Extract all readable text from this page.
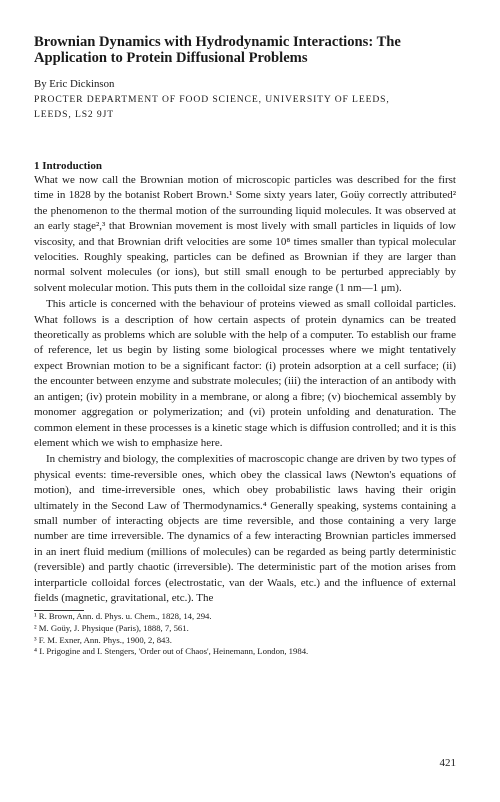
Brownian Dynamics with Hydrodynamic Interactions: The Application to Protein Diffusional Problems
By Eric Dickinson
PROCTER DEPARTMENT OF FOOD SCIENCE, UNIVERSITY OF LEEDS,
LEEDS, LS2 9JT
1 Introduction

What we now call the Brownian motion of microscopic particles was described for the first time in 1828 by the botanist Robert Brown.¹ Some sixty years later, Goüy correctly attributed² the phenomenon to the thermal motion of the surrounding liquid molecules. It was observed at an early stage²,³ that Brownian movement is most lively with small particles in liquids of low viscosity, and that Brownian drift velocities are some 10⁸ times smaller than typical molecular velocities. Roughly speaking, particles can be defined as Brownian if they are larger than normal solvent molecules (or ions), but still small enough to be perturbed appreciably by solvent molecular motion. This puts them in the colloidal size range (1 nm—1 μm).

This article is concerned with the behaviour of proteins viewed as small colloidal particles. What follows is a description of how certain aspects of protein dynamics can be treated theoretically as problems which are soluble with the help of a computer. To establish our frame of reference, let us begin by listing some biological processes where we might tentatively expect Brownian motion to be a significant factor: (i) protein adsorption at a cell surface; (ii) the encounter between enzyme and substrate molecules; (iii) the interaction of an antibody with an antigen; (iv) protein mobility in a membrane, or along a fibre; (v) biochemical assembly by monomer aggregation or polymerization; and (vi) protein unfolding and denaturation. The common element in these processes is a kinetic stage which is diffusion controlled; and it is this element which we wish to emphasize here.

In chemistry and biology, the complexities of macroscopic change are driven by two types of physical events: time-reversible ones, which obey the classical laws (Newton's equations of motion), and time-irreversible ones, which obey probabilistic laws having their origin ultimately in the Second Law of Thermodynamics.⁴ Generally speaking, systems containing a small number of interacting objects are time reversible, and those containing a very large number are time irreversible. The dynamics of a few interacting Brownian particles immersed in an inert fluid medium (millions of molecules) can be regarded as being partly deterministic (reversible) and partly chaotic (irreversible). The deterministic part of the motion arises from interparticle colloidal forces (electrostatic, van der Waals, etc.) and the influence of external fields (magnetic, gravitational, etc.). The

¹ R. Brown, Ann. d. Phys. u. Chem., 1828, 14, 294.

² M. Goüy, J. Physique (Paris), 1888, 7, 561.

³ F. M. Exner, Ann. Phys., 1900, 2, 843.

⁴ I. Prigogine and I. Stengers, 'Order out of Chaos', Heinemann, London, 1984.

421
